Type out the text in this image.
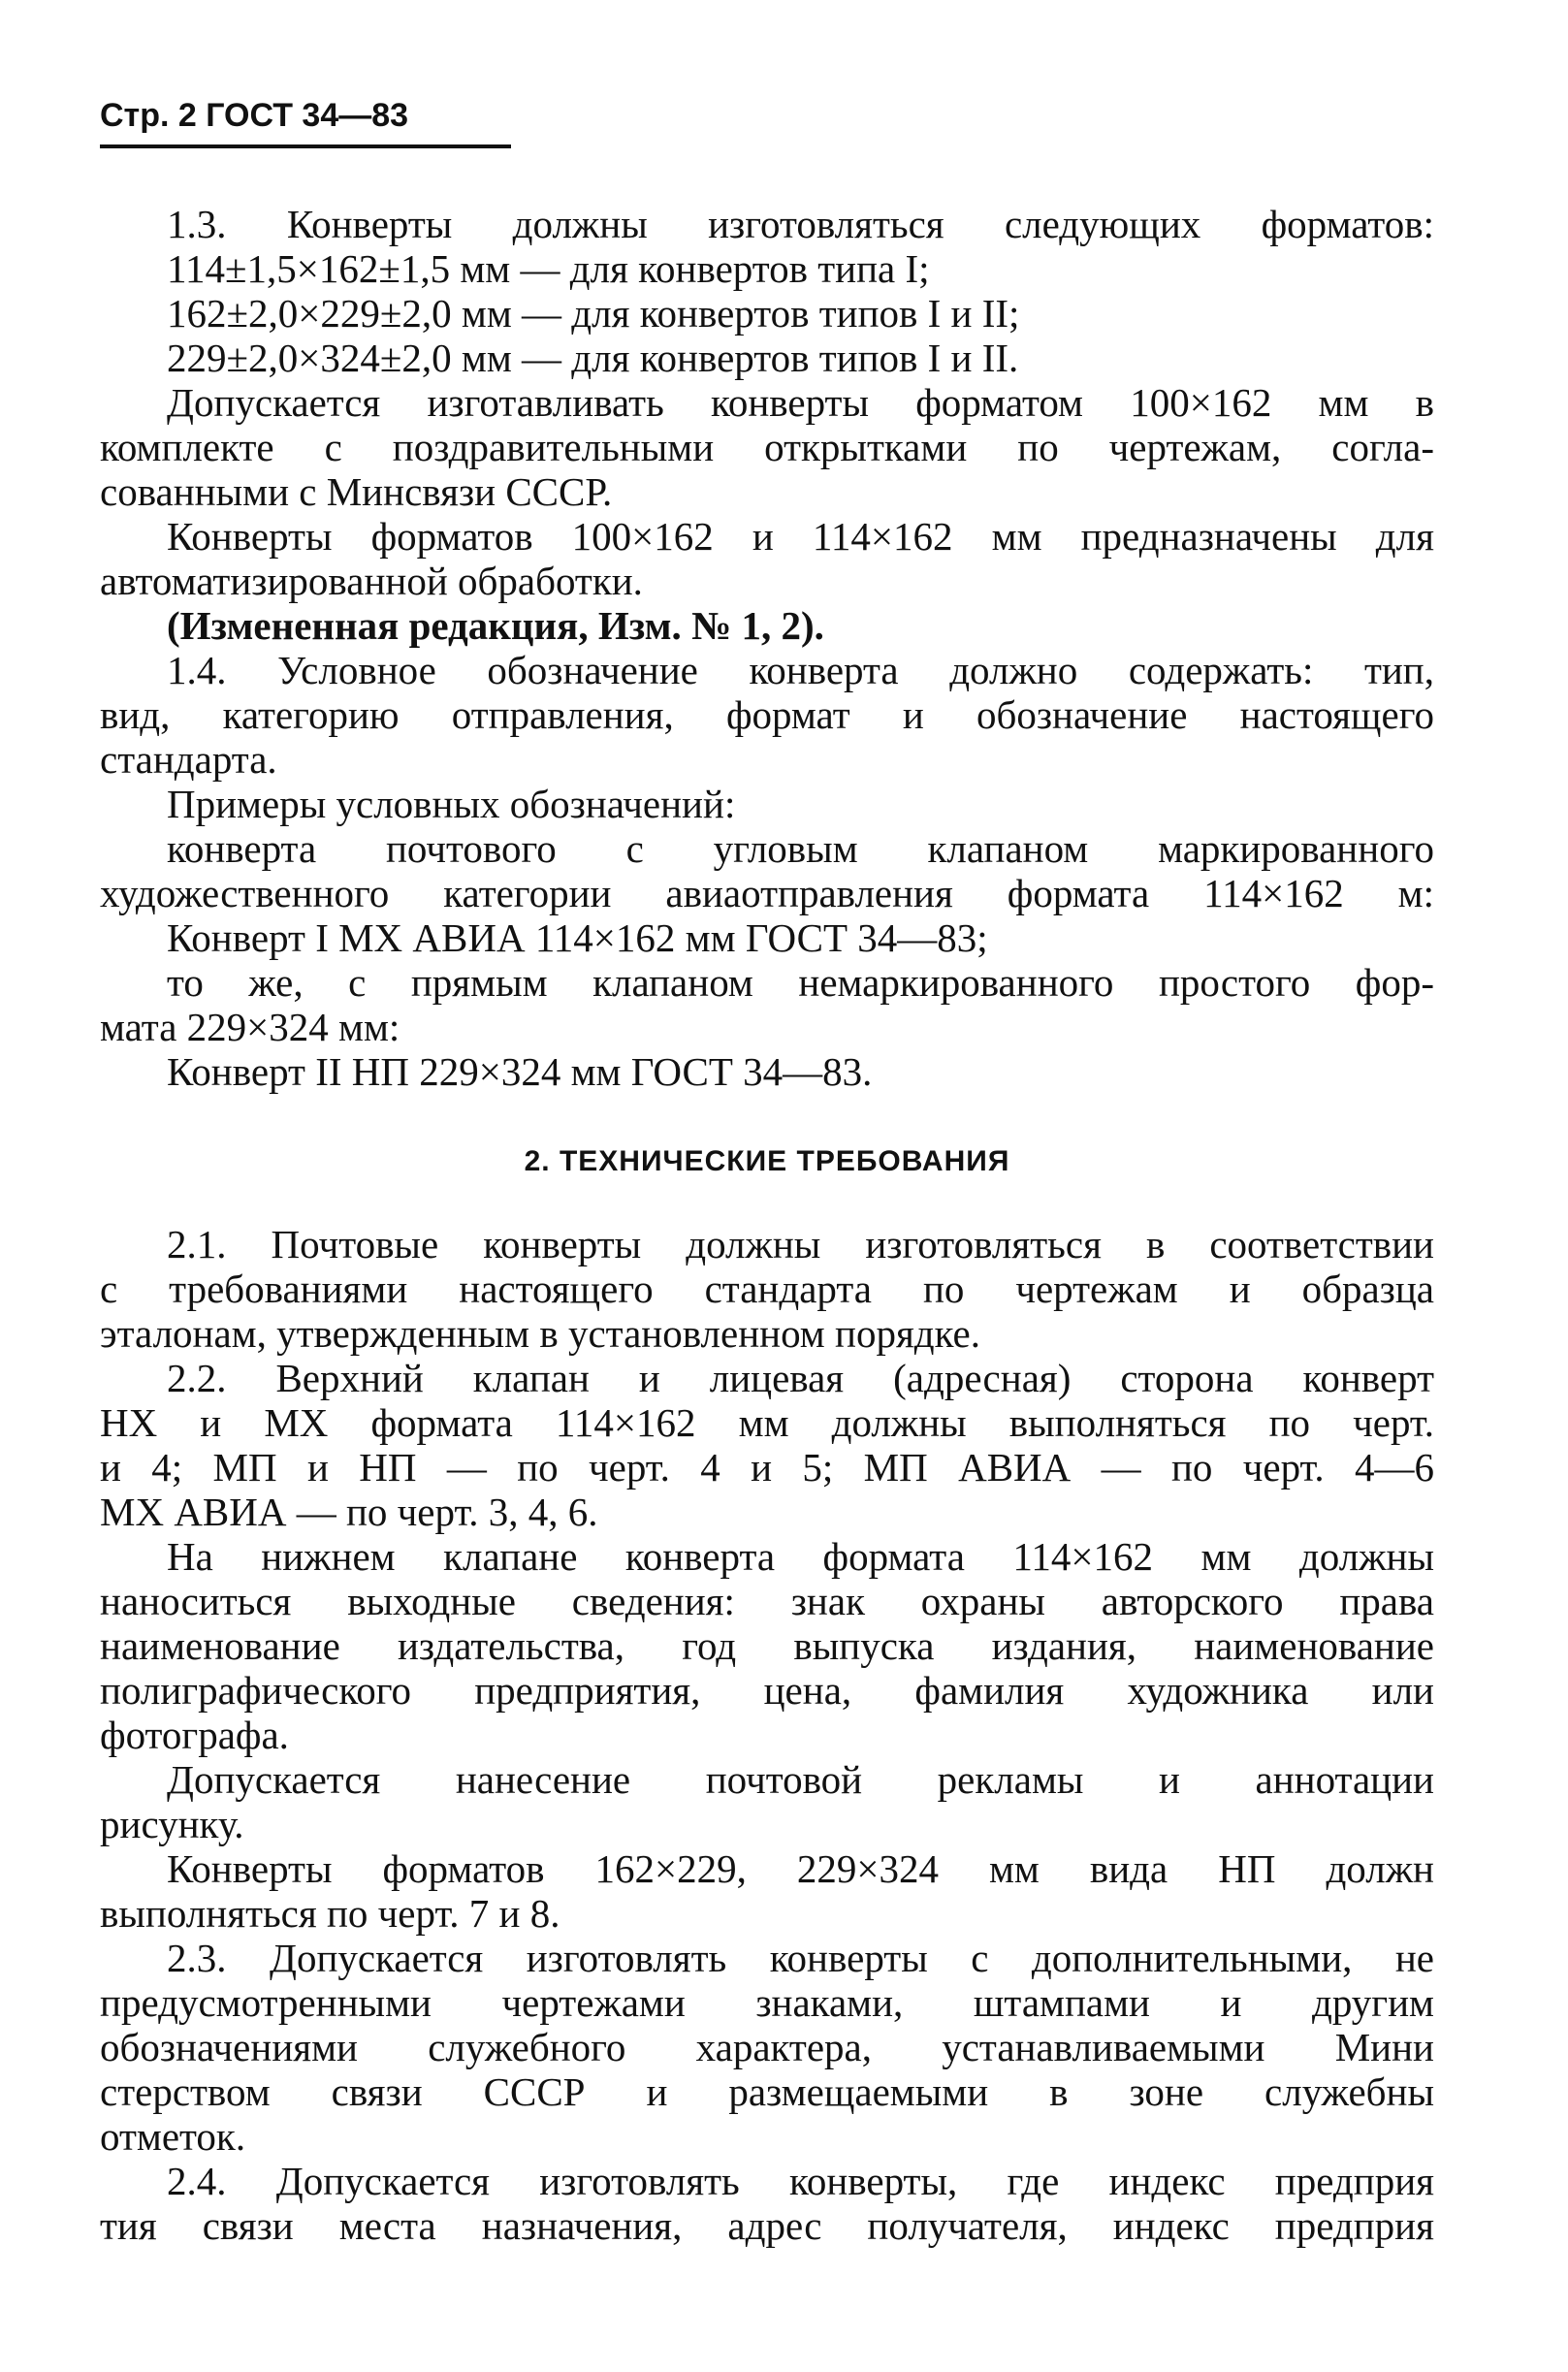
Стр. 2 ГОСТ 34—83
1.3. Конверты должны изготовляться следующих форматов:
114±1,5×162±1,5 мм — для конвертов типа I;
162±2,0×229±2,0 мм — для конвертов типов I и II;
229±2,0×324±2,0 мм — для конвертов типов I и II.
Допускается изготавливать конверты форматом 100×162 мм в
комплекте с поздравительными открытками по чертежам, согла-
сованными с Минсвязи СССР.
Конверты форматов 100×162 и 114×162 мм предназначены для
автоматизированной обработки.
(Измененная редакция, Изм. № 1, 2).
1.4. Условное обозначение конверта должно содержать: тип,
вид, категорию отправления, формат и обозначение настоящего
стандарта.
Примеры условных обозначений:
конверта почтового с угловым клапаном маркированного
художественного категории авиаотправления формата 114×162 м:
Конверт I МХ АВИА 114×162 мм ГОСТ 34—83;
то же, с прямым клапаном немаркированного простого фор-
мата 229×324 мм:
Конверт II НП 229×324 мм ГОСТ 34—83.
2. ТЕХНИЧЕСКИЕ ТРЕБОВАНИЯ
2.1. Почтовые конверты должны изготовляться в соответствии
с требованиями настоящего стандарта по чертежам и образца
эталонам, утвержденным в установленном порядке.
2.2. Верхний клапан и лицевая (адресная) сторона конверт
НХ и МХ формата 114×162 мм должны выполняться по черт.
и 4; МП и НП — по черт. 4 и 5; МП АВИА — по черт. 4—6
МХ АВИА — по черт. 3, 4, 6.
На нижнем клапане конверта формата 114×162 мм должны
наноситься выходные сведения: знак охраны авторского права
наименование издательства, год выпуска издания, наименование
полиграфического предприятия, цена, фамилия художника или
фотографа.
Допускается нанесение почтовой рекламы и аннотации
рисунку.
Конверты форматов 162×229, 229×324 мм вида НП должн
выполняться по черт. 7 и 8.
2.3. Допускается изготовлять конверты с дополнительными, не
предусмотренными чертежами знаками, штампами и другим
обозначениями служебного характера, устанавливаемыми Мини
стерством связи СССР и размещаемыми в зоне служебны
отметок.
2.4. Допускается изготовлять конверты, где индекс предприя
тия связи места назначения, адрес получателя, индекс предприя
